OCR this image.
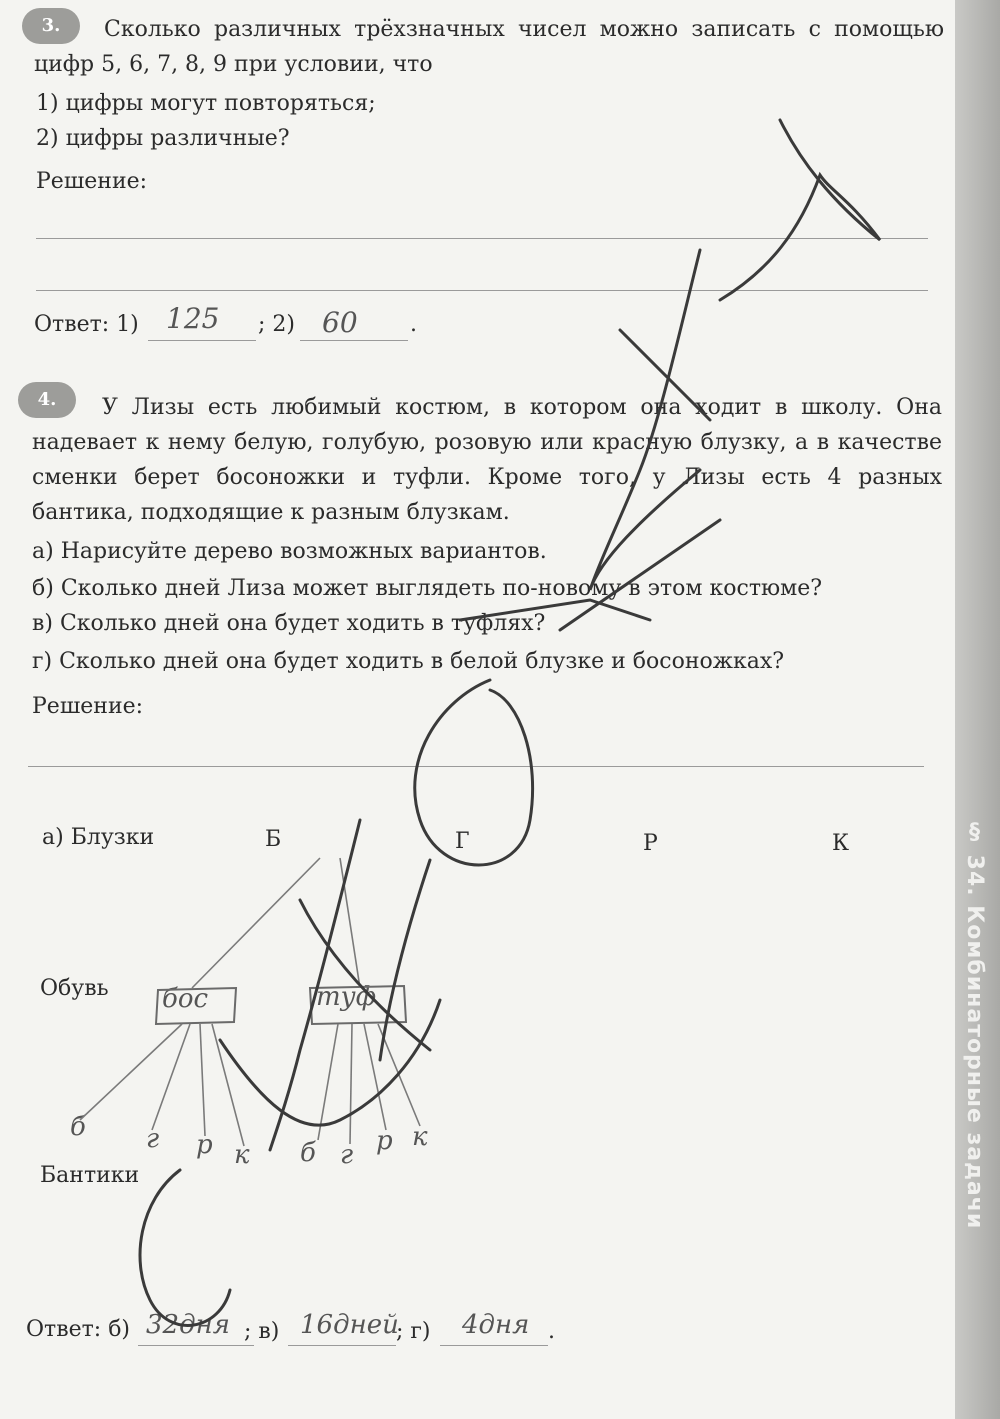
§ 34. Комбинаторные задачи
3.	Сколько различных трёхзначных чисел можно записать с помощью цифр 5, 6, 7, 8, 9 при условии, что
1) цифры могут повторяться;
2) цифры различные?
Решение:
Ответ: 1) 125 ; 2) 60 .
4.	У Лизы есть любимый костюм, в котором она ходит в школу. Она надевает к нему белую, голубую, розовую или красную блузку, а в качестве сменки берет босоножки и туфли. Кроме того, у Лизы есть 4 разных бантика, подходящие к разным блузкам.
а) Нарисуйте дерево возможных вариантов.
б) Сколько дней Лиза может выглядеть по-новому в этом костюме?
в) Сколько дней она будет ходить в туфлях?
г) Сколько дней она будет ходить в белой блузке и босоножках?
Решение:
а) Блузки	Б	Г	Р	К
Обувь
Бантики
бос	туф
б г р к б г р к
Ответ: б) 32дня ; в) 16дней
; г) 4дня .
